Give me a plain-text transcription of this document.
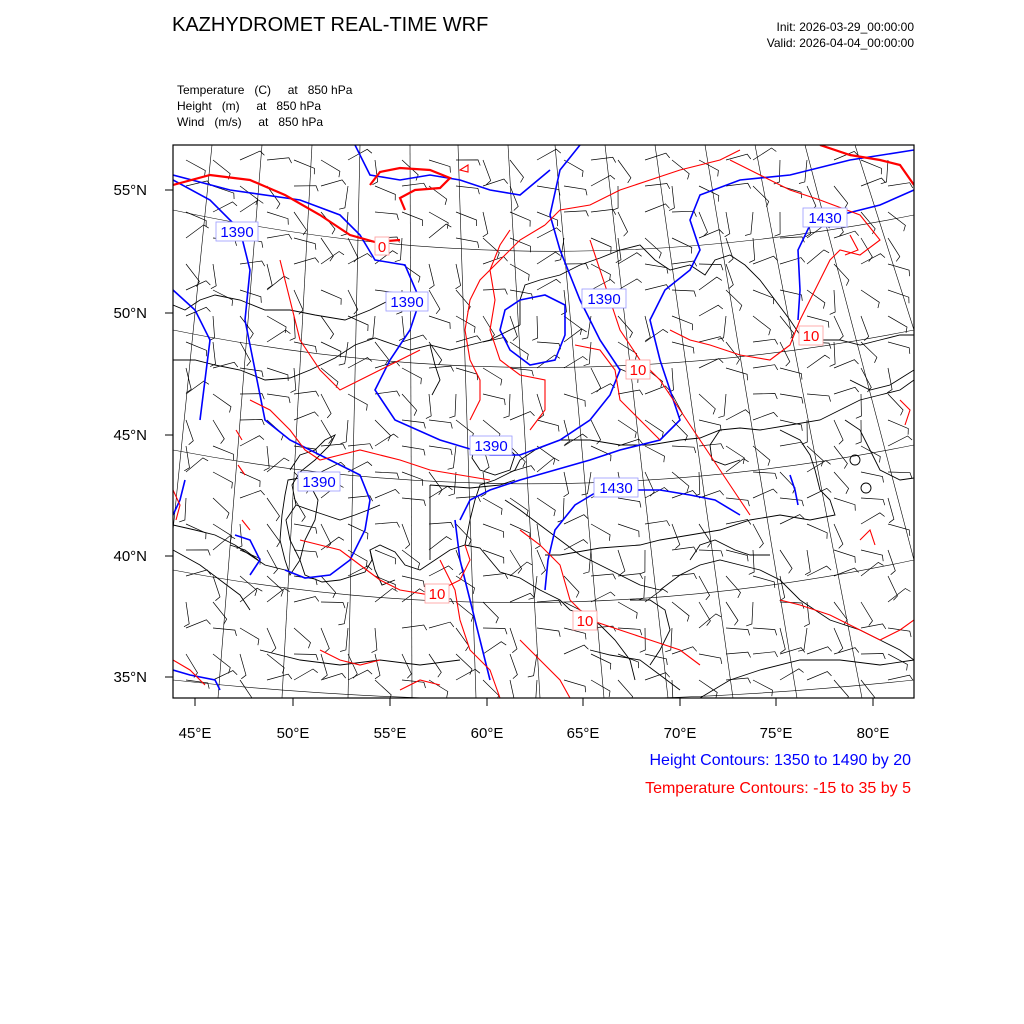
KAZHYDROMET REAL-TIME WRF	Init: 2026-03-29_00:00:00
Valid: 2026-04-04_00:00:00
Temperature   (C)     at   850 hPa
Height   (m)     at   850 hPa
Wind   (m/s)     at   850 hPa
45°E	50°E	55°E	60°E	65°E	70°E	75°E	80°E
55°N
50°N
45°N
40°N
35°N
1390
1390	1390
1390
1390
1430
1430
0
10
10
10
10
Height Contours: 1350 to 1490 by 20
Temperature Contours: -15 to 35 by 5
